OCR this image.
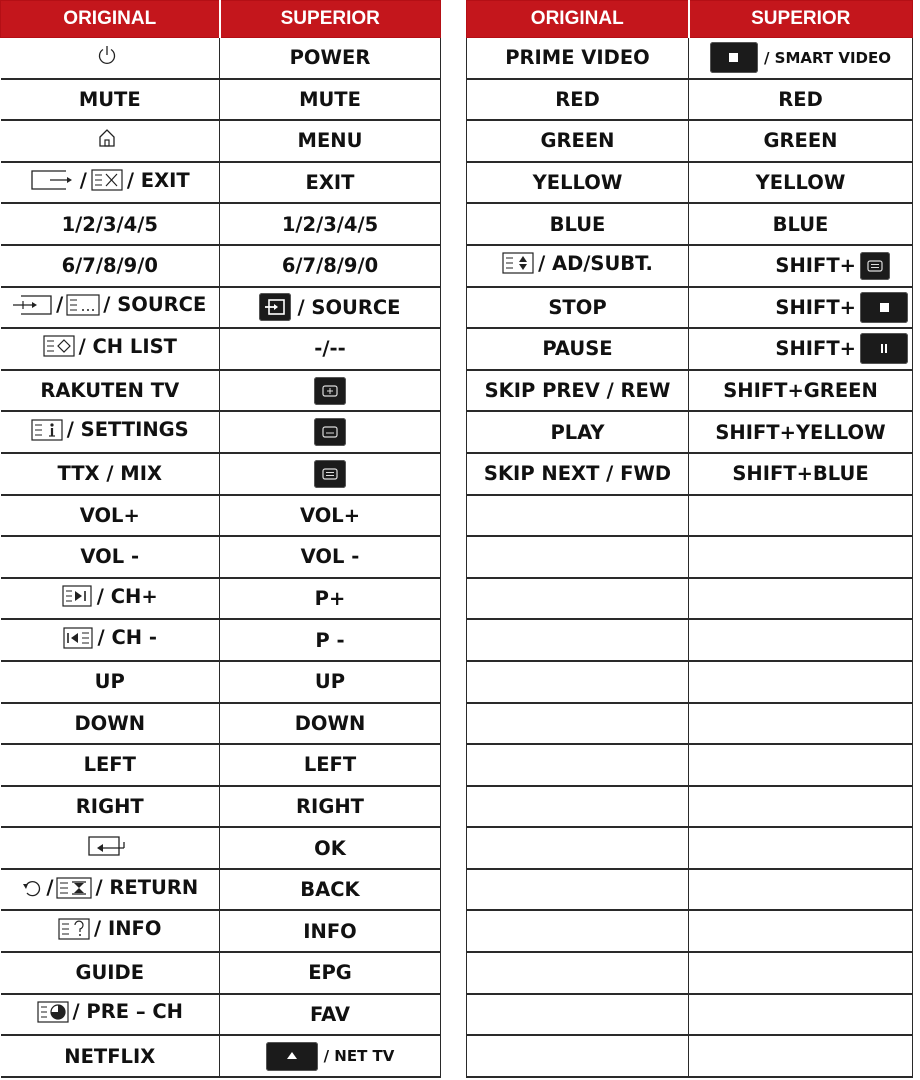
ORIGINAL	SUPERIOR

	POWER
MUTE	MUTE

	MENU

/ / EXIT	EXIT
1/2/3/4/5	1/2/3/4/5
6/7/8/9/0	6/7/8/9/0

/ / SOURCE	/ SOURCE

/ CH LIST	-/--
RAKUTEN TV	

/ SETTINGS

TTX / MIX	

VOL+	VOL+
VOL -	VOL -

/ CH+	P+

/ CH -	P -
UP	UP
DOWN	DOWN
LEFT	LEFT
RIGHT	RIGHT

	OK

/ / RETURN	BACK

/ INFO	INFO
GUIDE	EPG

/ PRE – CH	FAV
NETFLIX	/ NET TV
ORIGINAL	SUPERIOR
PRIME VIDEO	/ SMART VIDEO

RED	RED
GREEN	GREEN
YELLOW	YELLOW
BLUE	BLUE

/ AD/SUBT.	SHIFT+

STOP	SHIFT+

PAUSE	SHIFT+

SKIP PREV / REW	SHIFT+GREEN
PLAY	SHIFT+YELLOW
SKIP NEXT / FWD	SHIFT+BLUE
